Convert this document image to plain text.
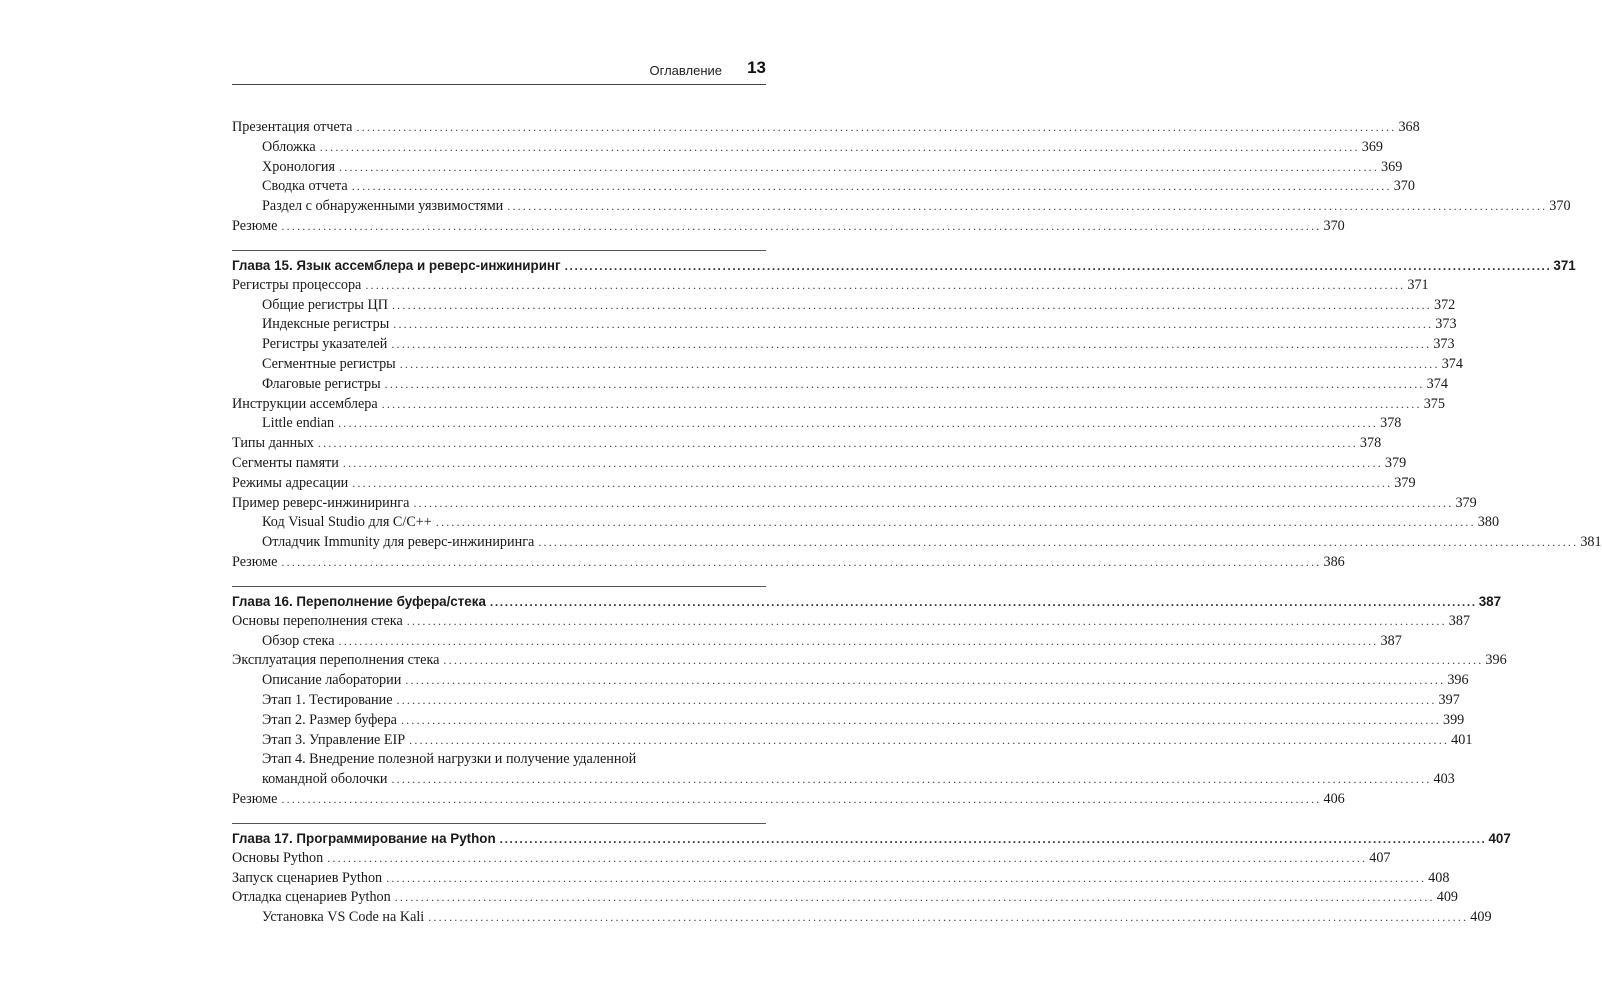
Оглавление 13
Презентация отчета ........................................................................................................................................................................................................ 368
Обложка ........................................................................................................................................................................................................ 369
Хронология ........................................................................................................................................................................................................ 369
Сводка отчета ........................................................................................................................................................................................................ 370
Раздел с обнаруженными уязвимостями ........................................................................................................................................................................................................ 370
Резюме ........................................................................................................................................................................................................ 370
Глава 15. Язык ассемблера и реверс-инжиниринг ........................................................................................................................................................................................................ 371
Регистры процессора ........................................................................................................................................................................................................ 371
Общие регистры ЦП ........................................................................................................................................................................................................ 372
Индексные регистры ........................................................................................................................................................................................................ 373
Регистры указателей ........................................................................................................................................................................................................ 373
Сегментные регистры ........................................................................................................................................................................................................ 374
Флаговые регистры ........................................................................................................................................................................................................ 374
Инструкции ассемблера ........................................................................................................................................................................................................ 375
Little endian ........................................................................................................................................................................................................ 378
Типы данных ........................................................................................................................................................................................................ 378
Сегменты памяти ........................................................................................................................................................................................................ 379
Режимы адресации ........................................................................................................................................................................................................ 379
Пример реверс-инжиниринга ........................................................................................................................................................................................................ 379
Код Visual Studio для C/C++ ........................................................................................................................................................................................................ 380
Отладчик Immunity для реверс-инжиниринга ........................................................................................................................................................................................................ 381
Резюме ........................................................................................................................................................................................................ 386
Глава 16. Переполнение буфера/стека ........................................................................................................................................................................................................ 387
Основы переполнения стека ........................................................................................................................................................................................................ 387
Обзор стека ........................................................................................................................................................................................................ 387
Эксплуатация переполнения стека ........................................................................................................................................................................................................ 396
Описание лаборатории ........................................................................................................................................................................................................ 396
Этап 1. Тестирование ........................................................................................................................................................................................................ 397
Этап 2. Размер буфера ........................................................................................................................................................................................................ 399
Этап 3. Управление EIP ........................................................................................................................................................................................................ 401
Этап 4. Внедрение полезной нагрузки и получение удаленной
командной оболочки ........................................................................................................................................................................................................ 403
Резюме ........................................................................................................................................................................................................ 406
Глава 17. Программирование на Python ........................................................................................................................................................................................................ 407
Основы Python ........................................................................................................................................................................................................ 407
Запуск сценариев Python ........................................................................................................................................................................................................ 408
Отладка сценариев Python ........................................................................................................................................................................................................ 409
Установка VS Code на Kali ........................................................................................................................................................................................................ 409
